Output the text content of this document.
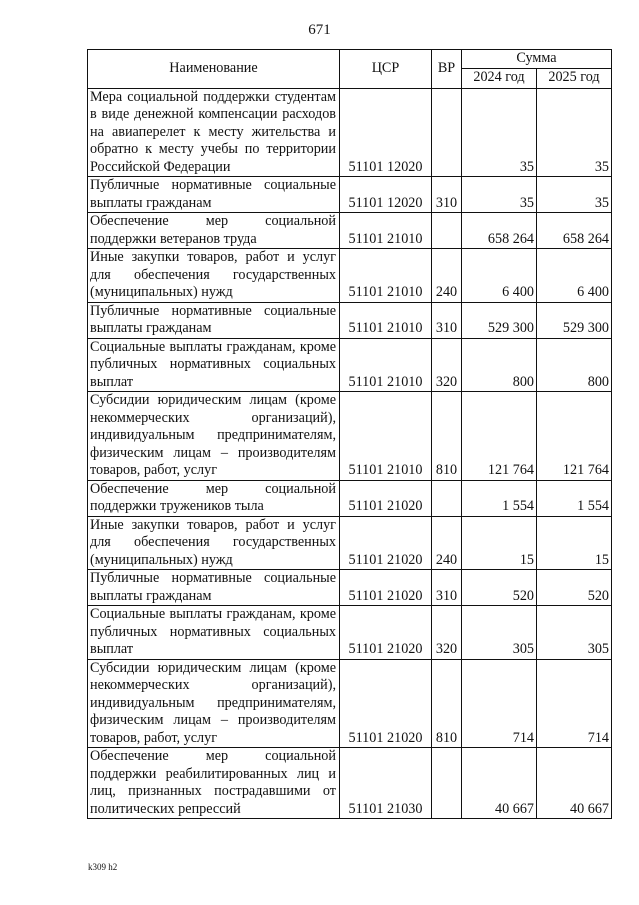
671
Наименование	ЦСР	ВР	Сумма	
			2024 год	2025 год
Мера социальной поддержки студентам в виде денежной компенсации расходов на авиаперелет к месту жительства и обратно к месту учебы по территории Российской Федерации	51101 12020		35	35
Публичные нормативные социальные выплаты гражданам	51101 12020	310	35	35
Обеспечение мер социальной поддержки ветеранов труда	51101 21010		658 264	658 264
Иные закупки товаров, работ и услуг для обеспечения государственных (муниципальных) нужд	51101 21010	240	6 400	6 400
Публичные нормативные социальные выплаты гражданам	51101 21010	310	529 300	529 300
Социальные выплаты гражданам, кроме публичных нормативных социальных выплат	51101 21010	320	800	800
Субсидии юридическим лицам (кроме некоммерческих организаций), индивидуальным предпринимателям, физическим лицам – производителям товаров, работ, услуг	51101 21010	810	121 764	121 764
Обеспечение мер социальной поддержки тружеников тыла	51101 21020		1 554	1 554
Иные закупки товаров, работ и услуг для обеспечения государственных (муниципальных) нужд	51101 21020	240	15	15
Публичные нормативные социальные выплаты гражданам	51101 21020	310	520	520
Социальные выплаты гражданам, кроме публичных нормативных социальных выплат	51101 21020	320	305	305
Субсидии юридическим лицам (кроме некоммерческих организаций), индивидуальным предпринимателям, физическим лицам – производителям товаров, работ, услуг	51101 21020	810	714	714
Обеспечение мер социальной поддержки реабилитированных лиц и лиц, признанных пострадавшими от политических репрессий	51101 21030		40 667	40 667
k309 h2
